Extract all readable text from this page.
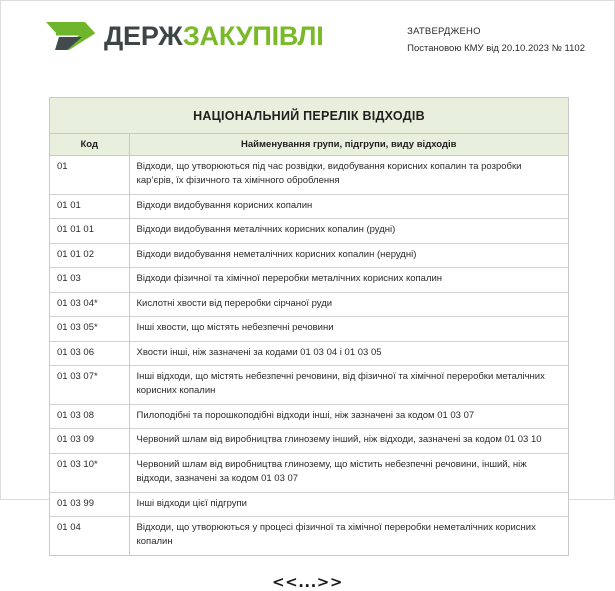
ДЕРЖЗАКУПІВЛІ	ЗАТВЕРДЖЕНО
Постановою КМУ від 20.10.2023 № 1102
НАЦІОНАЛЬНИЙ ПЕРЕЛІК ВІДХОДІВ
Код	Найменування групи, підгрупи, виду відходів
01	Відходи, що утворюються під час розвідки, видобування корисних копалин та розробки кар’єрів, їх фізичного та хімічного оброблення
01 01	Відходи видобування корисних копалин
01 01 01	Відходи видобування металічних корисних копалин (рудні)
01 01 02	Відходи видобування неметалічних корисних копалин (нерудні)
01 03	Відходи фізичної та хімічної переробки металічних корисних копалин
01 03 04*	Кислотні хвости від переробки сірчаної руди
01 03 05*	Інші хвости, що містять небезпечні речовини
01 03 06	Хвости інші, ніж зазначені за кодами 01 03 04 і 01 03 05
01 03 07*	Інші відходи, що містять небезпечні речовини, від фізичної та хімічної переробки металічних корисних копалин
01 03 08	Пилоподібні та порошкоподібні відходи інші, ніж зазначені за кодом 01 03 07
01 03 09	Червоний шлам від виробництва глинозему інший, ніж відходи, зазначені за кодом 01 03 10
01 03 10*	Червоний шлам від виробництва глинозему, що містить небезпечні речовини, інший, ніж відходи, зазначені за кодом 01 03 07
01 03 99	Інші відходи цієї підгрупи
01 04	Відходи, що утворюються у процесі фізичної та хімічної переробки неметалічних корисних копалин
<<...>>
